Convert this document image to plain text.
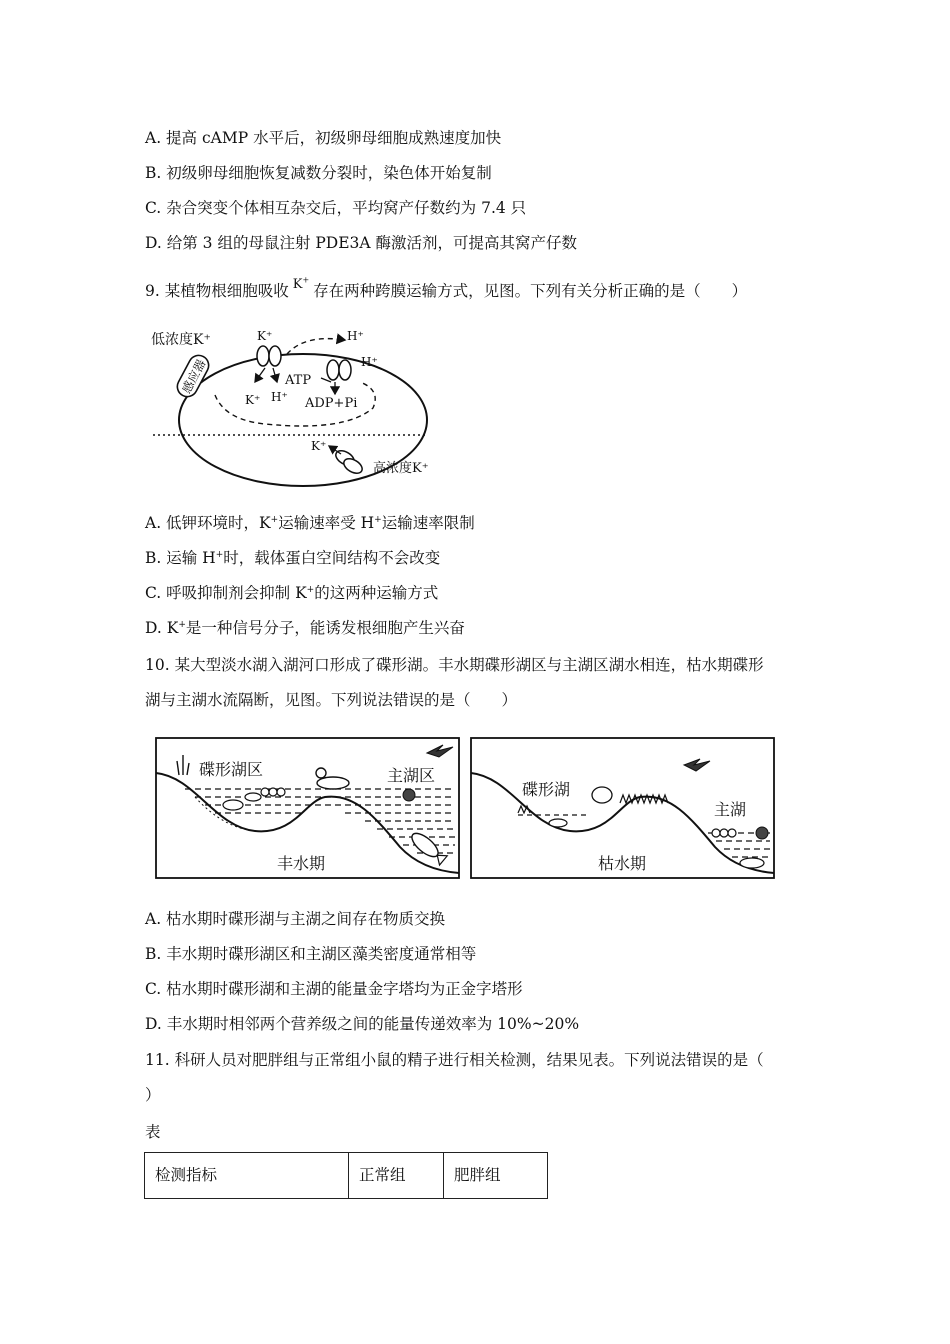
A. 提高 cAMP 水平后，初级卵母细胞成熟速度加快
B. 初级卵母细胞恢复减数分裂时，染色体开始复制
C. 杂合突变个体相互杂交后，平均窝产仔数约为 7.4 只
D. 给第 3 组的母鼠注射 PDE3A 酶激活剂，可提高其窝产仔数
9. 某植物根细胞吸收 $^{K^+}$存在两种跨膜运输方式，见图。下列有关分析正确的是（　　）
低浓度K⁺	K⁺	H⁺
H⁺
ATP
ADP+Pi
K⁺ H⁺
K⁺
高浓度K⁺
感应器
A. 低钾环境时，K+运输速率受 H+运输速率限制
B. 运输 H+时，载体蛋白空间结构不会改变
C. 呼吸抑制剂会抑制 K+的这两种运输方式
D. K+是一种信号分子，能诱发根细胞产生兴奋
10. 某大型淡水湖入湖河口形成了碟形湖。丰水期碟形湖区与主湖区湖水相连，枯水期碟形
湖与主湖水流隔断，见图。下列说法错误的是（　　）
碟形湖区	主湖区
丰水期
碟形湖
主湖
枯水期
A. 枯水期时碟形湖与主湖之间存在物质交换
B. 丰水期时碟形湖区和主湖区藻类密度通常相等
C. 枯水期时碟形湖和主湖的能量金字塔均为正金字塔形
D. 丰水期时相邻两个营养级之间的能量传递效率为 10%~20%
11. 科研人员对肥胖组与正常组小鼠的精子进行相关检测，结果见表。下列说法错误的是（
）
表
检测指标	正常组	肥胖组
